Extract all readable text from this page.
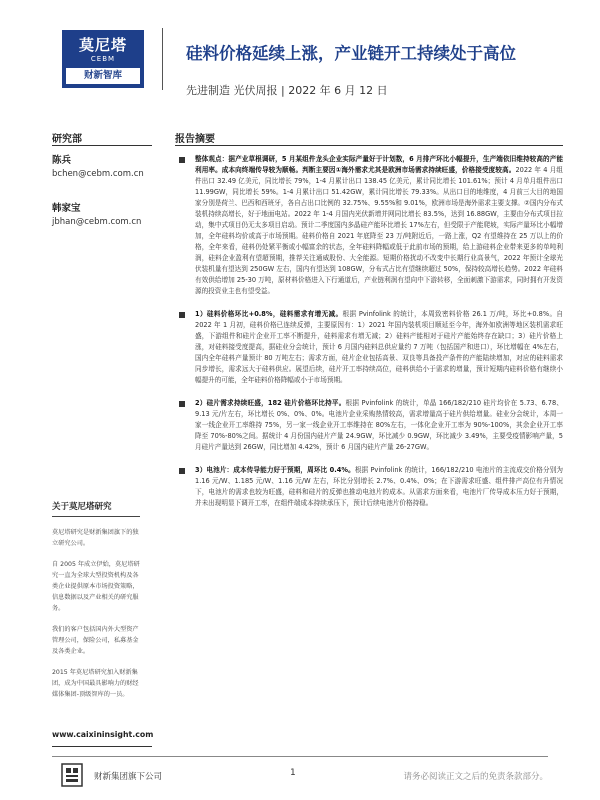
莫尼塔
CEBM
财新智库
硅料价格延续上涨，产业链开工持续处于高位
先进制造 光伏周报 | 2022 年 6 月 12 日
研究部	报告摘要
陈兵
bchen@cebm.com.cn
韩家宝
jbhan@cebm.com.cn
关于莫尼塔研究

莫尼塔研究是财新集团旗下的独立研究公司。

自 2005 年成立伊始，莫尼塔研究一直为全球大型投资机构及各类企业提供原本市场投资策略，信息数据以及产业相关的研究服务。

我们的客户包括国内外大型资产管理公司，保险公司，私募基金及各类企业。

2015 年莫尼塔研究加入财新集团，成为中国最具影响力的财经媒体集团-顶级智库的一员。

www.caixininsight.com
整体观点：据产业草根调研，5 月某组件龙头企业实际产量好于计划数，6 月排产环比小幅提升，生产端依旧维持较高的产能利用率。成本向终端传导较为顺畅。判断主要因①海外需求尤其是欧洲市场需求持续旺盛，价格接受度较高。2022 年 4 月组件出口 32.49 亿美元，同比增长 79%，1-4 月累计出口 138.45 亿美元，累计同比增长 101.61%；预计 4 月单月组件出口 11.99GW，同比增长 59%。1-4 月累计出口 51.42GW，累计同比增长 79.33%。从出口目的地维度，4 月前三大目的地国家分别是荷兰、巴西和西班牙，各自占出口比例的 32.75%、9.55%和 9.01%，欧洲市场是海外需求主要支撑。②国内分布式装机持续高增长，好于地面电站。2022 年 1-4 月国内光伏新增并网同比增长 83.5%，达到 16.88GW，主要由分布式项目拉动，集中式项目仍无太多项目启动。预计二季度国内多晶硅产能环比增长 17%左右，但受限于产能爬坡，实际产量环比小幅增加，全年硅料均价或高于市场预期。硅料价格自 2021 年底降至 23 万/吨附近后，一路上涨，Q2 有望维持在 25 万以上的价格，全年来看，硅料仍处紧平衡或小幅富余的状态，全年硅料降幅或低于此前市场的预期，给上游硅料企业带来更多的单吨利润，硅料企业盈利有望超预期，推荐关注通威股份、大全能源。短期价格扰动不改变中长期行业高景气，2022 年预计全球光伏装机量有望达到 250GW 左右，国内有望达到 108GW，分布式占比有望继续超过 50%，保持较高增长趋势。2022 年硅料有效供给增加 25-30 万吨，原材料价格进入下行通道后，产业链利润有望向中下游转移，全面刺激下游需求，同时拥有开发资源的投资业主也有望受益。
1）硅料价格环比+0.8%，硅料需求有增无减。根据 Pvinfolink 的统计，本周致密料价格 26.1 万/吨，环比+0.8%。自 2022 年 1 月初，硅料价格已连续反弹，主要原因有：1）2021 年国内装机项目顺延至今年，海外如欧洲等地区装机需求旺盛，下游组件和硅片企业开工率不断提升，硅料需求有增无减；2）硅料产能相对于硅片产能始终存在缺口；3）硅片价格上涨，对硅料接受度提高，据硅业分会统计，预计 6 月国内硅料总供应量约 7 万吨（包括国产和进口），环比增幅在 4%左右，国内全年硅料产量预计 80 万吨左右；需求方面，硅片企业包括高景、双良等具备投产条件的产能陆续增加，对应的硅料需求同步增长，需求远大于硅料供应。展望后续，硅片开工率持续高位，硅料供给小于需求的增量，预计短期内硅料价格有继续小幅提升的可能，全年硅料价格降幅或小于市场预期。
2）硅片需求持续旺盛，182 硅片价格环比持平。根据 Pvinfolink 的统计，单晶 166/182/210 硅片均价在 5.73、6.78、9.13 元/片左右，环比增长 0%、0%、0%。电池片企业采购热情较高，需求增量高于硅片供给增量。硅业分会统计，本周一家一线企业开工率维持 75%，另一家一线企业开工率维持在 80%左右，一体化企业开工率为 90%-100%，其余企业开工率降至 70%-80%之间。据统计 4 月份国内硅片产量 24.9GW，环比减少 0.9GW，环比减少 3.49%，主要受疫情影响产量，5 月硅片产量达到 26GW，同比增加 4.42%，预计 6 月国内硅片产量 26-27GW。
3）电池片：成本传导能力好于预期，周环比 0.4%。根据 Pvinfolink 的统计，166/182/210 电池片的主流成交价格分别为 1.16 元/W、1.185 元/W、1.16 元/W 左右，环比分别增长 2.7%、0.4%、0%；在下游需求旺盛、组件排产高位有升情况下，电池片的需求也较为旺盛，硅料和硅片的反弹也推动电池片的成本。从需求方面来看，电池片厂传导成本压力好于预期，并未出现明显下调开工率，在组件端成本持续承压下，预计后续电池片价格持稳。
财新集团旗下公司	1	请务必阅读正文之后的免责条款部分。
